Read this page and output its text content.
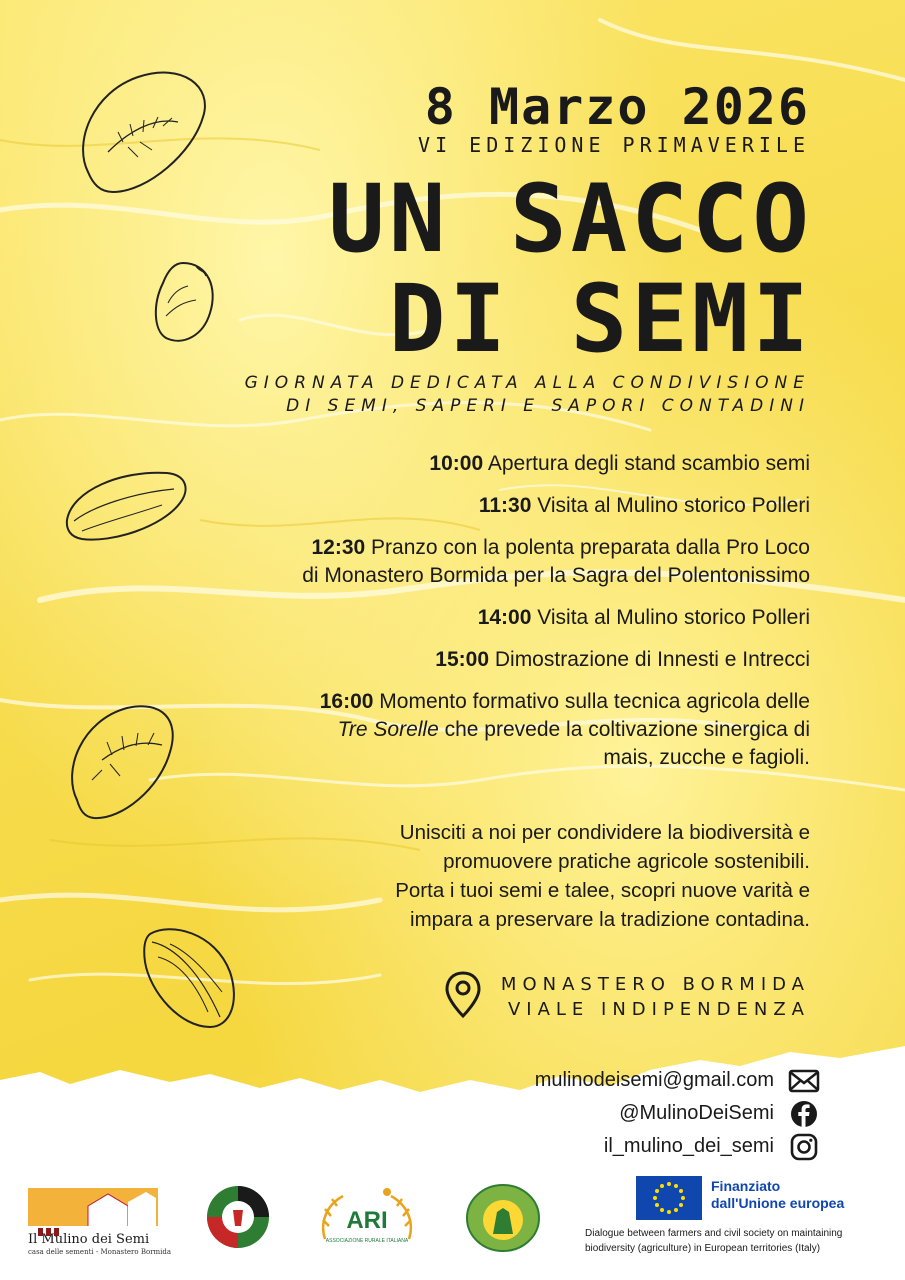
8 Marzo 2026
VI EDIZIONE PRIMAVERILE
UN SACCO
DI SEMI
GIORNATA DEDICATA ALLA CONDIVISIONE
DI SEMI, SAPERI E SAPORI CONTADINI
10:00 Apertura degli stand scambio semi
11:30 Visita al Mulino storico Polleri
12:30 Pranzo con la polenta preparata dalla Pro Loco
di Monastero Bormida per la Sagra del Polentonissimo
14:00 Visita al Mulino storico Polleri
15:00 Dimostrazione di Innesti e Intrecci
16:00 Momento formativo sulla tecnica agricola delle
Tre Sorelle che prevede la coltivazione sinergica di
mais, zucche e fagioli.
Unisciti a noi per condividere la biodiversità e
promuovere pratiche agricole sostenibili.
Porta i tuoi semi e talee, scopri nuove varità e
impara a preservare la tradizione contadina.
MONASTERO BORMIDA
VIALE INDIPENDENZA
mulinodeisemi@gmail.com
@MulinoDeiSemi
il_mulino_dei_semi
Il Mulino dei Semi
casa delle sementi - Monastero Bormida
ARI
ASSOCIAZIONE RURALE ITALIANA
Finanziato
dall'Unione europea
Dialogue between farmers and civil society on maintaining
biodiversity (agriculture) in European territories (Italy)
